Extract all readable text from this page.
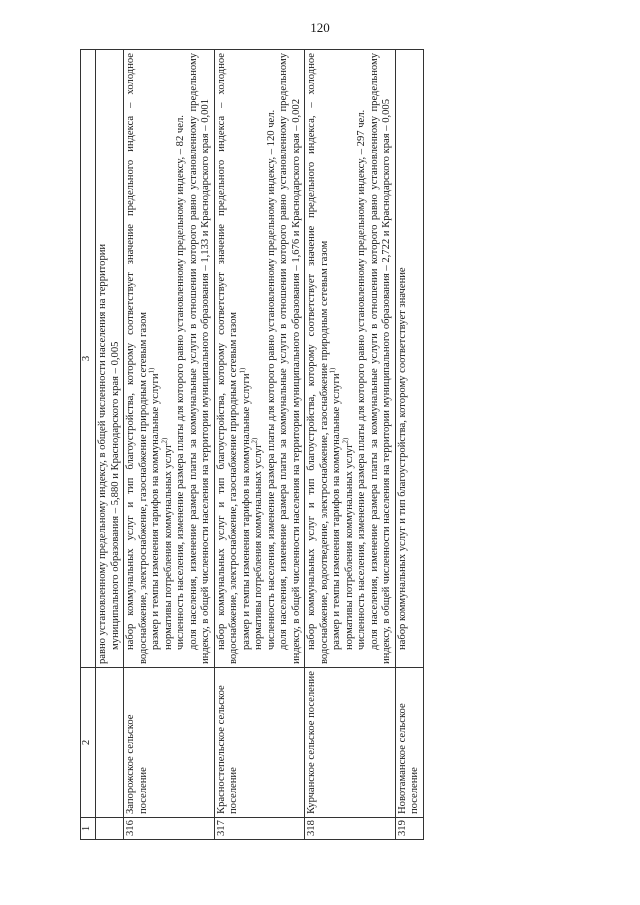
120
1	2	3

		равно установленному предельному индексу, в общей численности населения на территории муниципального образования – 5,880 и Краснодарского края – 0,005

316	Запорожское сельское поселение	набор коммунальных услуг и тип благоустройства, которому соответствует значение предельного индекса – холодное водоснабжение, электроснабжение, газоснабжение природным сетевым газом размер и темпы изменения тарифов на коммунальные услуги$^{1)}$
нормативы потребления коммунальных услуг$^{2)}$ численность населения, изменение размера платы для которого равно установленному предельному индексу, – 82 чел. доля населения, изменение размера платы за коммунальные услуги в отношении которого равно установленному предельному индексу, в общей численности населения на территории муниципального образования – 1,133 и Краснодарского края – 0,001

317	Красностепельское сельское поселение	набор коммунальных услуг и тип благоустройства, которому соответствует значение предельного индекса – холодное водоснабжение, электроснабжение, газоснабжение природным сетевым газом размер и темпы изменения тарифов на коммунальные услуги$^{1)}$
нормативы потребления коммунальных услуг$^{2)}$ численность населения, изменение размера платы для которого равно установленному предельному индексу, – 120 чел. доля населения, изменение размера платы за коммунальные услуги в отношении которого равно установленному предельному индексу, в общей численности населения на территории муниципального образования – 1,676 и Краснодарского края – 0,002

318	Курчанское сельское поселение	набор коммунальных услуг и тип благоустройства, которому соответствует значение предельного индекса, – холодное водоснабжение, водоотведение, электроснабжение, газоснабжение природным сетевым газом размер и темпы изменения тарифов на коммунальные услуги$^{1)}$
нормативы потребления коммунальных услуг$^{2)}$ численность населения, изменение размера платы для которого равно установленному предельному индексу, – 297 чел. доля населения, изменение размера платы за коммунальные услуги в отношении которого равно установленному предельному индексу, в общей численности населения на территории муниципального образования – 2,722 и Краснодарского края – 0,005

319	Новотаманское сельское поселение	набор коммунальных услуг и тип благоустройства, которому соответствует значение
